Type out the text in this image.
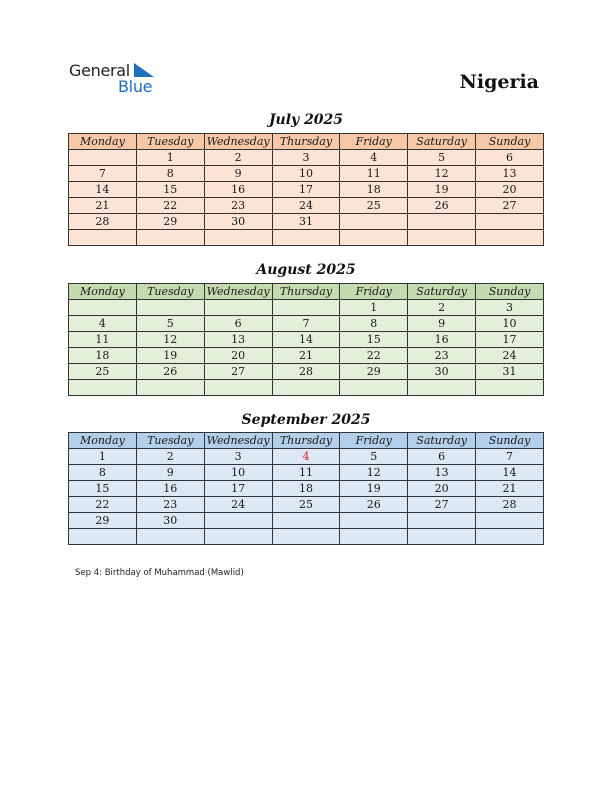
General
Blue	Nigeria
July 2025
Monday	Tuesday	Wednesday	Thursday	Friday	Saturday	Sunday
	1	2	3	4	5	6
7	8	9	10	11	12	13
14	15	16	17	18	19	20
21	22	23	24	25	26	27
28	29	30	31			

August 2025
Monday	Tuesday	Wednesday	Thursday	Friday	Saturday	Sunday
				1	2	3
4	5	6	7	8	9	10
11	12	13	14	15	16	17
18	19	20	21	22	23	24
25	26	27	28	29	30	31

September 2025
Monday	Tuesday	Wednesday	Thursday	Friday	Saturday	Sunday
1	2	3	4	5	6	7
8	9	10	11	12	13	14
15	16	17	18	19	20	21
22	23	24	25	26	27	28
29	30					

Sep 4: Birthday of Muhammad (Mawlid)
